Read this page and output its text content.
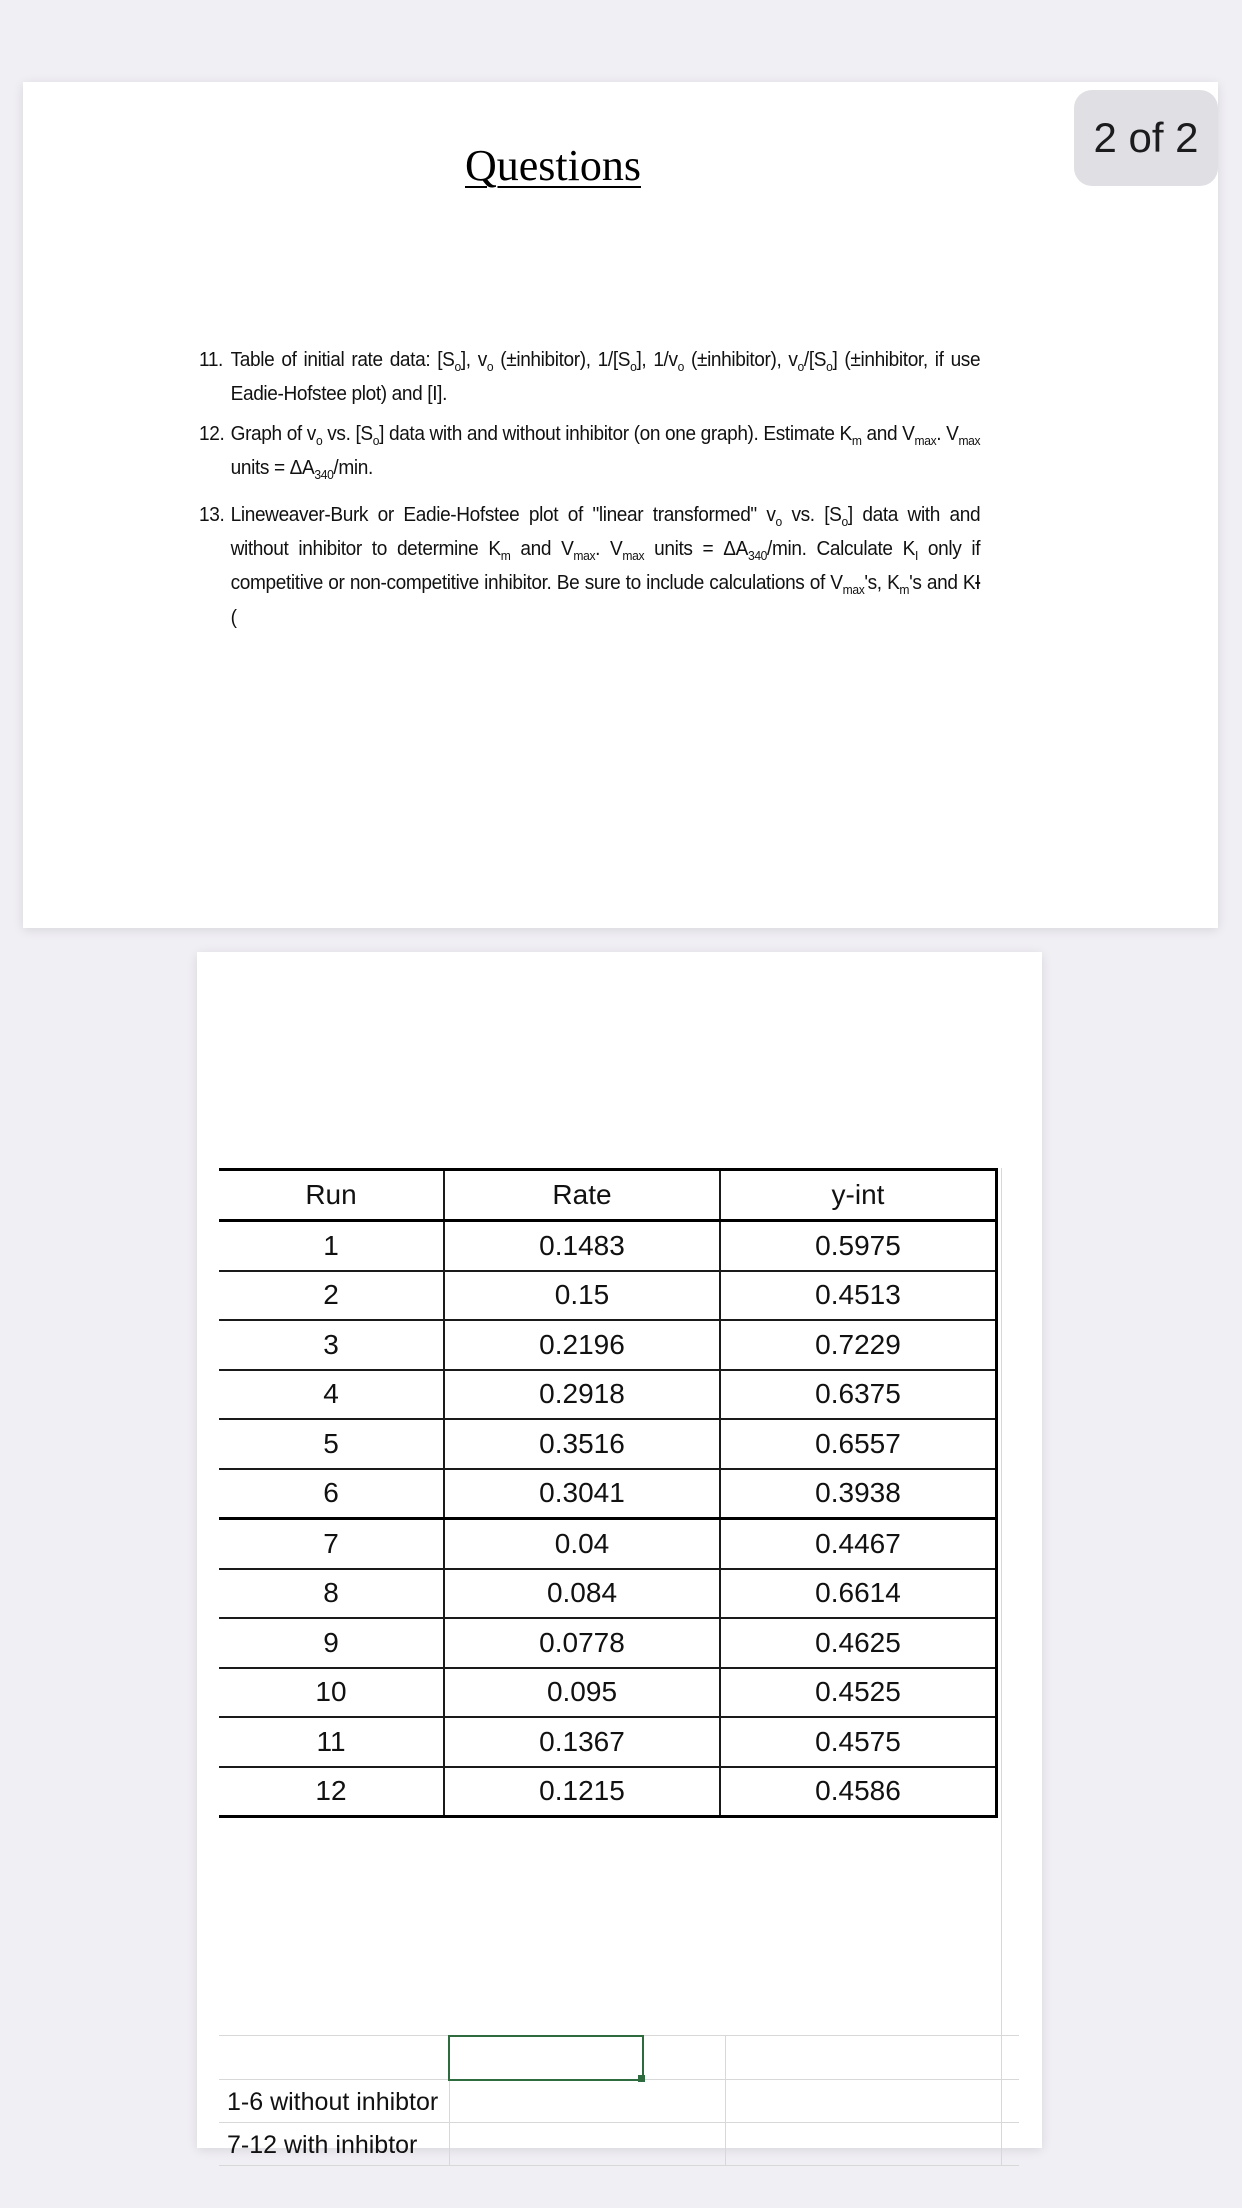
Questions
11. Table of initial rate data: $[S_o]$, $v_o$ (±inhibitor), $1/[S_o]$, $1/v_o$ (±inhibitor), $v_o/[S_o]$ (±inhibitor, if use Eadie-Hofstee plot) and [I].
12. Graph of $v_o$ vs. $[S_o]$ data with and without inhibitor (on one graph). Estimate $K_m$ and $V_{max}$. $V_{max}$ units = $\Delta A_{340}/\min$.
13. Lineweaver-Burk or Eadie-Hofstee plot of "linear transformed" $v_o$ vs. $[S_o]$ data with and without inhibitor to determine $K_m$ and $V_{max}$. $V_{max}$ units = $\Delta A_{340}/\min$. Calculate $K_I$ only if competitive or non-competitive inhibitor. Be sure to include calculations of $V_{max}'s$, $K_m's$ and KI (
2 of 2
Run	Rate	y-int
1	0.1483	0.5975
2	0.15	0.4513
3	0.2196	0.7229
4	0.2918	0.6375
5	0.3516	0.6557
6	0.3041	0.3938
7	0.04	0.4467
8	0.084	0.6614
9	0.0778	0.4625
10	0.095	0.4525
11	0.1367	0.4575
12	0.1215	0.4586
1-6 without inhibtor
7-12 with inhibtor
